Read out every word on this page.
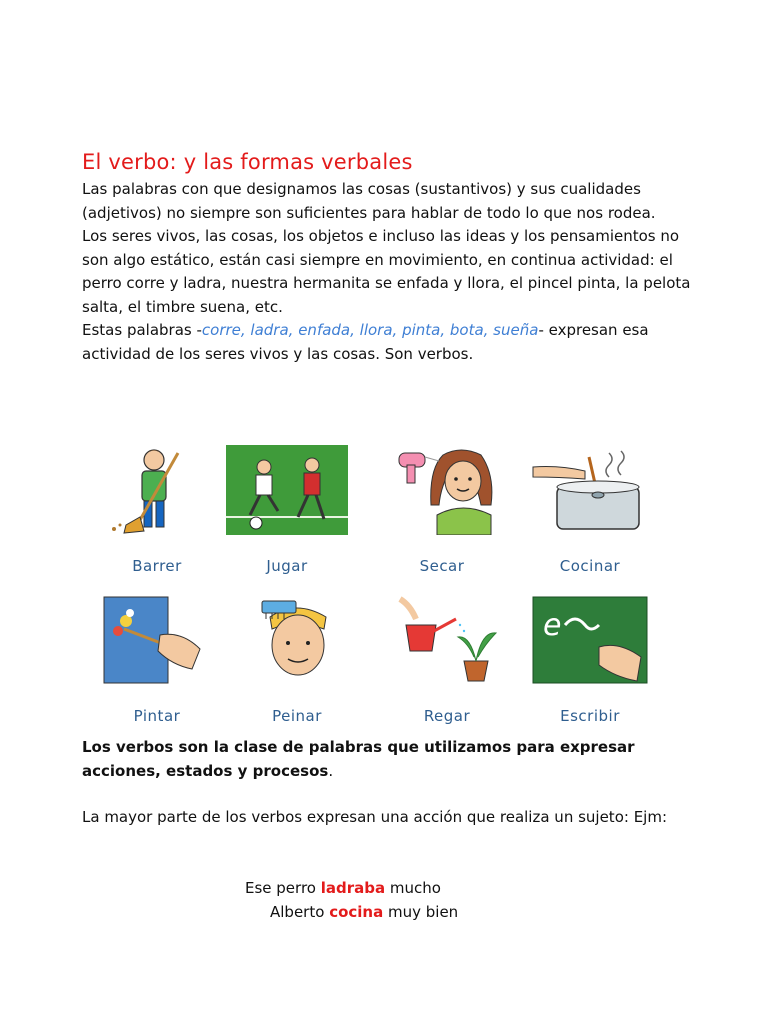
El verbo: y las formas verbales

Las palabras con que designamos las cosas (sustantivos) y sus cualidades (adjetivos) no siempre son suficientes para hablar de todo lo que nos rodea.

Los seres vivos, las cosas, los objetos e incluso las ideas y los pensamientos no son algo estático, están casi siempre en movimiento, en continua actividad: el perro corre y ladra, nuestra hermanita se enfada y llora, el pincel pinta, la pelota salta, el timbre suena, etc.

Estas palabras -corre, ladra, enfada, llora, pinta, bota, sueña- expresan esa actividad de los seres vivos y las cosas. Son verbos.

Barrer	Jugar	Secar	Cocinar
Pintar	Peinar	Regar
e
Escribir

Los verbos son la clase de palabras que utilizamos para expresar acciones, estados y procesos.

La mayor parte de los verbos expresan una acción que realiza un sujeto: Ejm:

Ese perro ladraba mucho
Alberto cocina muy bien
